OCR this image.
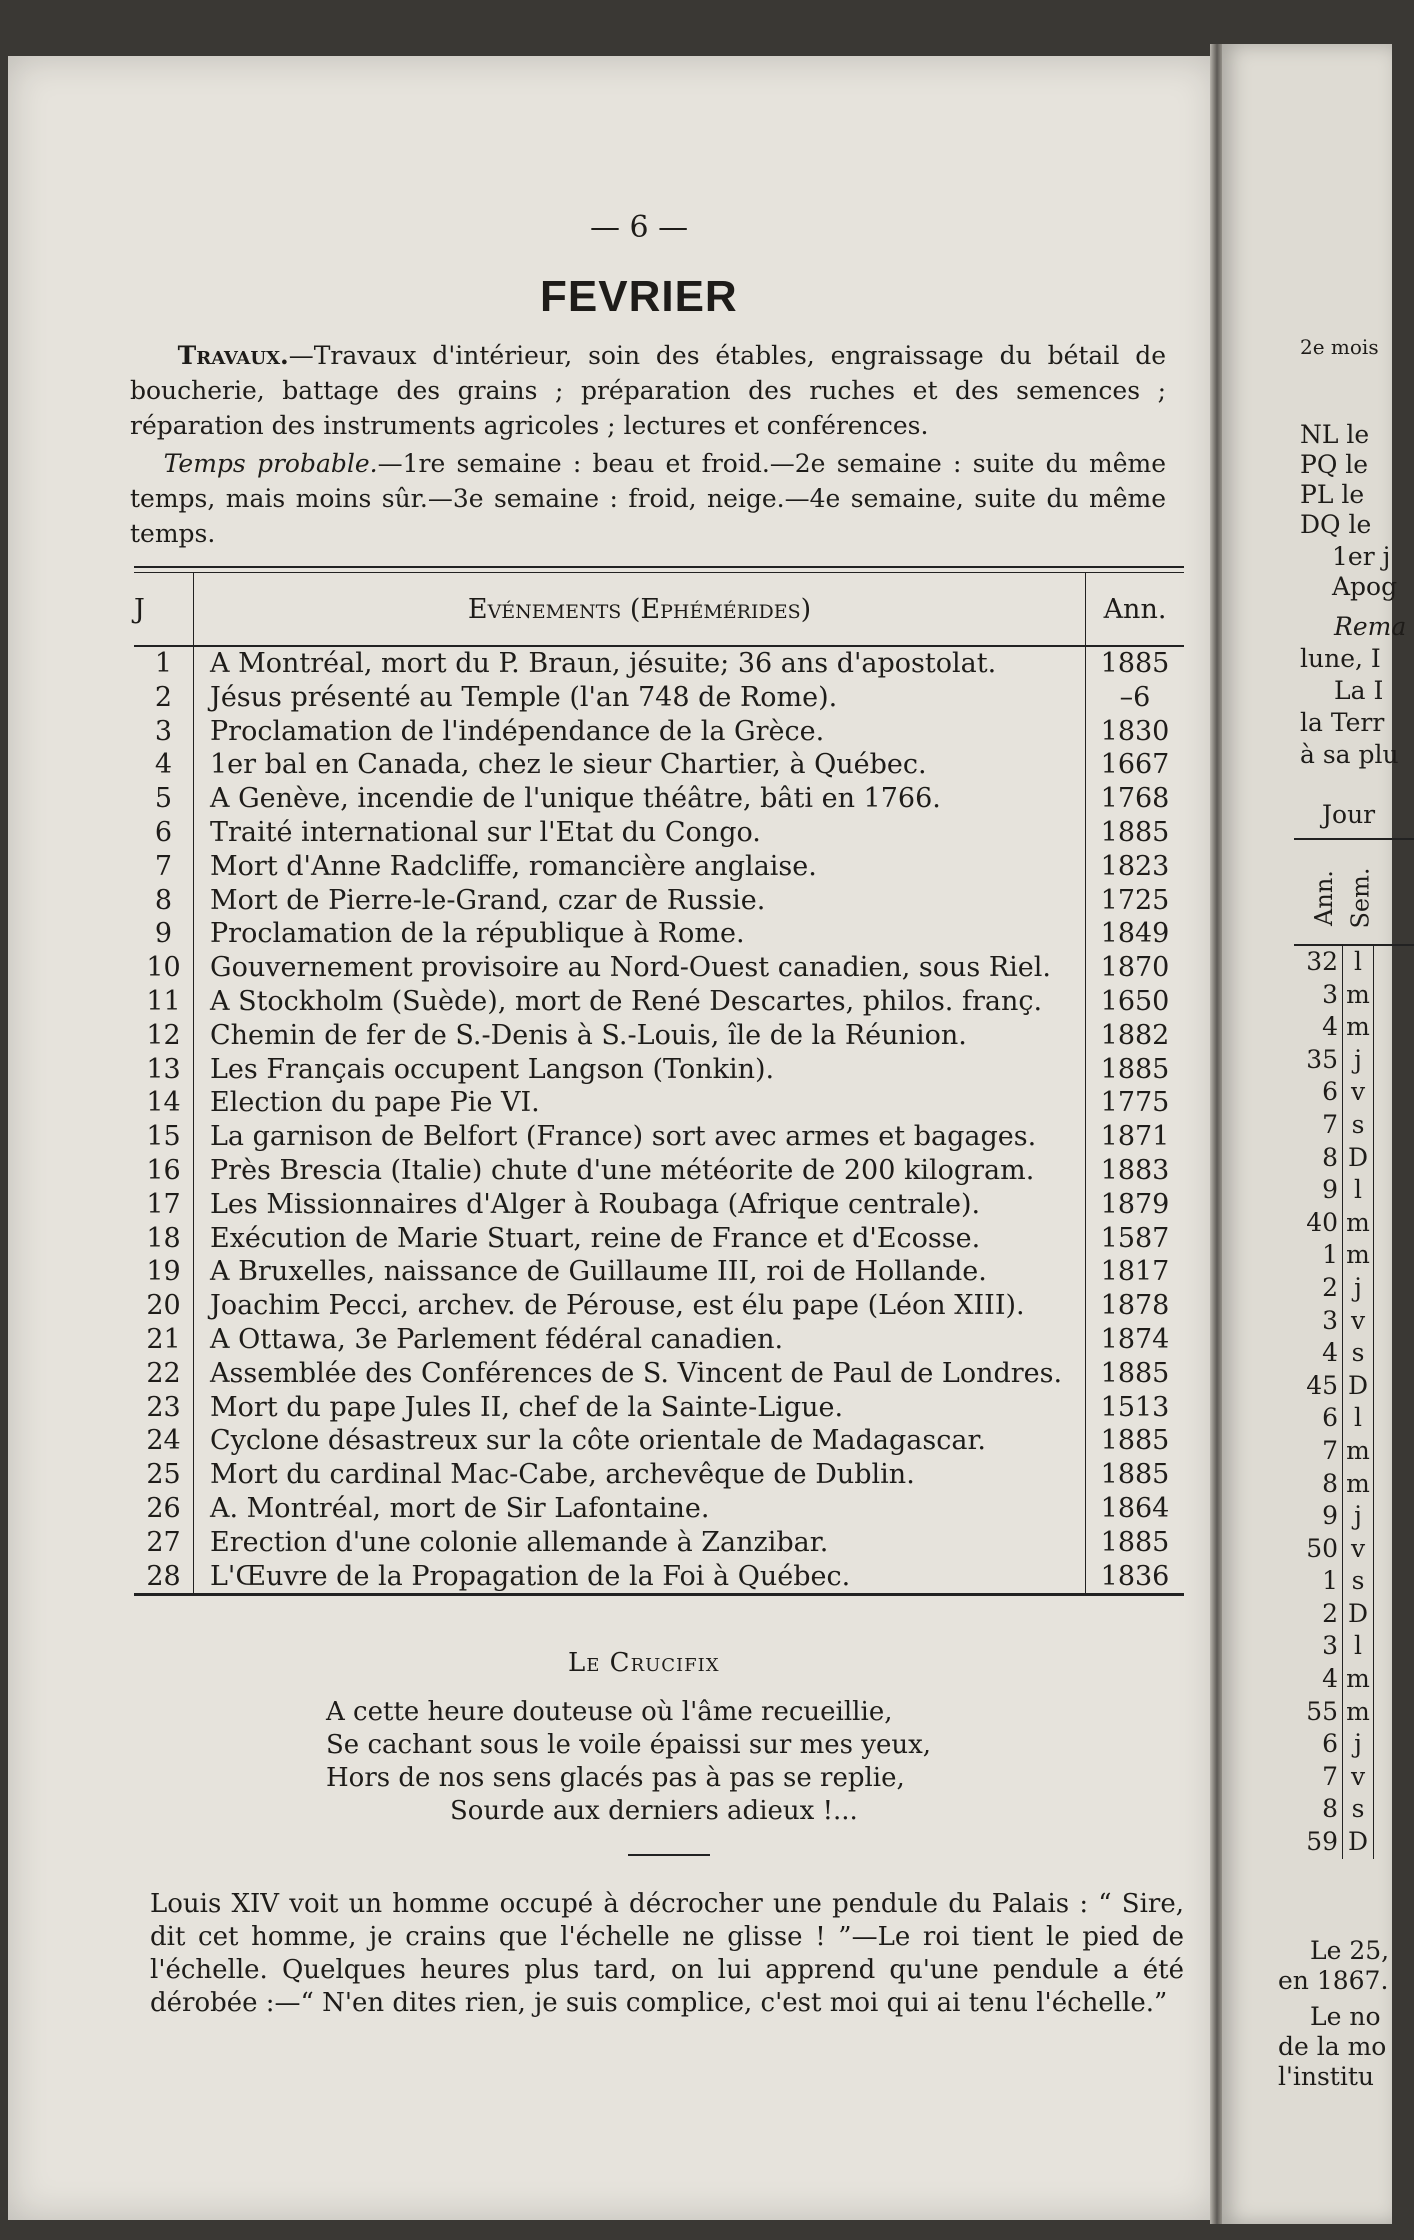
— 6 —
FEVRIER
Travaux.—Travaux d'intérieur, soin des étables, engraissage du bétail de boucherie, battage des grains ; préparation des ruches et des semences ; réparation des instruments agricoles ; lectures et conférences.
Temps probable.—1re semaine : beau et froid.—2e semaine : suite du même temps, mais moins sûr.—3e semaine : froid, neige.—4e semaine, suite du même temps.
J	Evénements (Ephémérides)	Ann.
1	A Montréal, mort du P. Braun, jésuite; 36 ans d'apostolat.	1885
2	Jésus présenté au Temple (l'an 748 de Rome).	–6
3	Proclamation de l'indépendance de la Grèce.	1830
4	1er bal en Canada, chez le sieur Chartier, à Québec.	1667
5	A Genève, incendie de l'unique théâtre, bâti en 1766.	1768
6	Traité international sur l'Etat du Congo.	1885
7	Mort d'Anne Radcliffe, romancière anglaise.	1823
8	Mort de Pierre-le-Grand, czar de Russie.	1725
9	Proclamation de la république à Rome.	1849
10	Gouvernement provisoire au Nord-Ouest canadien, sous Riel.	1870
11	A Stockholm (Suède), mort de René Descartes, philos. franç.	1650
12	Chemin de fer de S.-Denis à S.-Louis, île de la Réunion.	1882
13	Les Français occupent Langson (Tonkin).	1885
14	Election du pape Pie VI.	1775
15	La garnison de Belfort (France) sort avec armes et bagages.	1871
16	Près Brescia (Italie) chute d'une météorite de 200 kilogram.	1883
17	Les Missionnaires d'Alger à Roubaga (Afrique centrale).	1879
18	Exécution de Marie Stuart, reine de France et d'Ecosse.	1587
19	A Bruxelles, naissance de Guillaume III, roi de Hollande.	1817
20	Joachim Pecci, archev. de Pérouse, est élu pape (Léon XIII).	1878
21	A Ottawa, 3e Parlement fédéral canadien.	1874
22	Assemblée des Conférences de S. Vincent de Paul de Londres.	1885
23	Mort du pape Jules II, chef de la Sainte-Ligue.	1513
24	Cyclone désastreux sur la côte orientale de Madagascar.	1885
25	Mort du cardinal Mac-Cabe, archevêque de Dublin.	1885
26	A. Montréal, mort de Sir Lafontaine.	1864
27	Erection d'une colonie allemande à Zanzibar.	1885
28	L'Œuvre de la Propagation de la Foi à Québec.	1836
Le Crucifix
A cette heure douteuse où l'âme recueillie,
Se cachant sous le voile épaissi sur mes yeux,
Hors de nos sens glacés pas à pas se replie,
Sourde aux derniers adieux !...
Louis XIV voit un homme occupé à décrocher une pendule du Palais : “ Sire, dit cet homme, je crains que l'échelle ne glisse ! ”—Le roi tient le pied de l'échelle. Quelques heures plus tard, on lui apprend qu'une pendule a été dérobée :—“ N'en dites rien, je suis complice, c'est moi qui ai tenu l'échelle.”
2e mois
NL le
PQ le
PL le
DQ le
1er j
Apog
Rema
lune, I
La I
la Terr
à sa plu
Jour
Ann. Sem.
32 l
3 m
4 m
35 j
6 v
7 s
8 D
9 l
40 m
1 m
2 j
3 v
4 s
45 D
6 l
7 m
8 m
9 j
50 v
1 s
2 D
3 l
4 m
55 m
6 j
7 v
8 s
59 D
Le 25,
en 1867.
Le no
de la mo
l'institu
